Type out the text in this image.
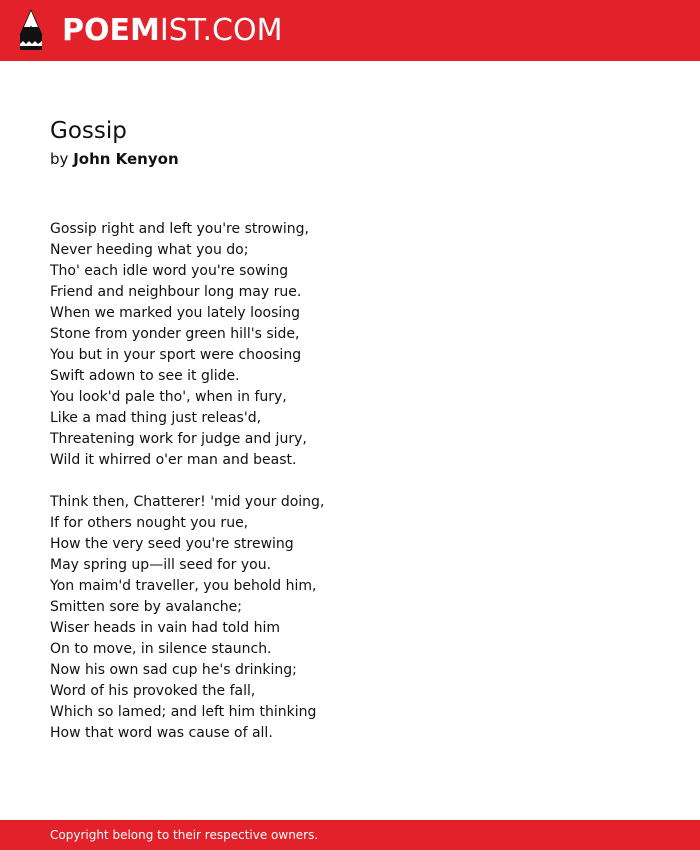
POEMIST.COM
Gossip
by John Kenyon
Gossip right and left you're strowing,
Never heeding what you do;
Tho' each idle word you're sowing
Friend and neighbour long may rue.
When we marked you lately loosing
Stone from yonder green hill's side,
You but in your sport were choosing
Swift adown to see it glide.
You look'd pale tho', when in fury,
Like a mad thing just releas'd,
Threatening work for judge and jury,
Wild it whirred o'er man and beast.
Think then, Chatterer! 'mid your doing,
If for others nought you rue,
How the very seed you're strewing
May spring up—ill seed for you.
Yon maim'd traveller, you behold him,
Smitten sore by avalanche;
Wiser heads in vain had told him
On to move, in silence staunch.
Now his own sad cup he's drinking;
Word of his provoked the fall,
Which so lamed; and left him thinking
How that word was cause of all.
Copyright belong to their respective owners.
